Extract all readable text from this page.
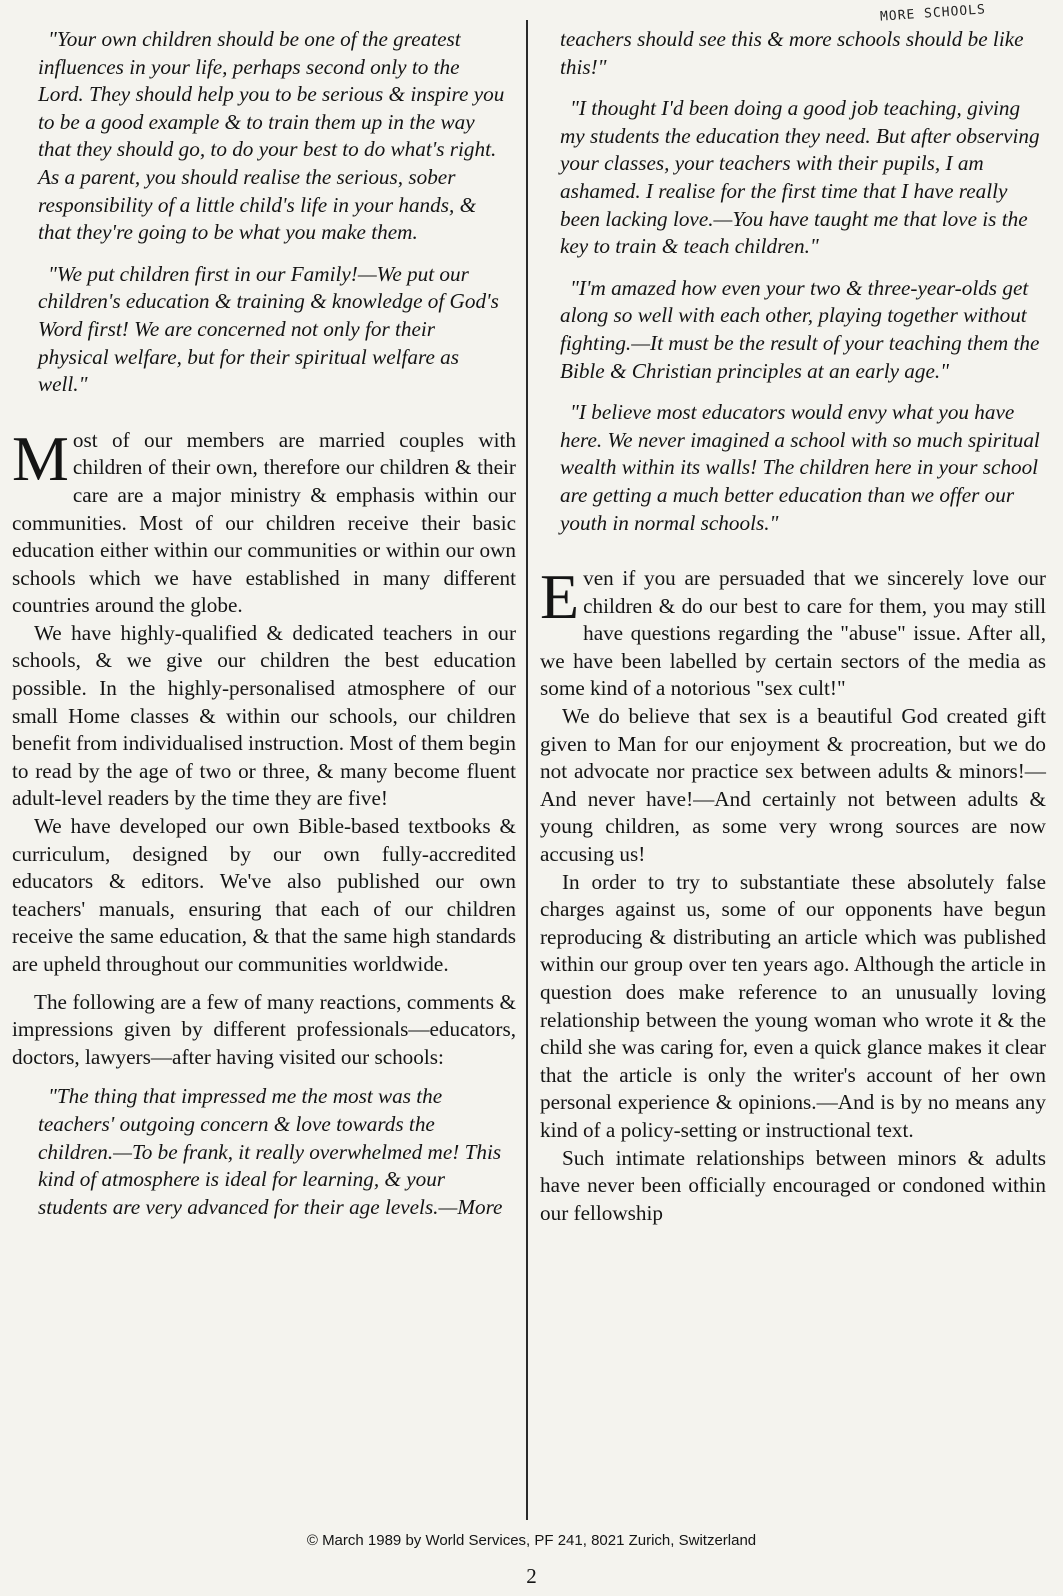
MORE SCHOOLS

"Your own children should be one of the greatest influences in your life, perhaps second only to the Lord. They should help you to be serious & inspire you to be a good example & to train them up in the way that they should go, to do your best to do what's right. As a parent, you should realise the serious, sober responsibility of a little child's life in your hands, & that they're going to be what you make them.

"We put children first in our Family!—We put our children's education & training & knowledge of God's Word first! We are concerned not only for their physical welfare, but for their spiritual welfare as well."

Most of our members are married couples with children of their own, therefore our children & their care are a major ministry & emphasis within our communities. Most of our children receive their basic education either within our communities or within our own schools which we have established in many different countries around the globe.

We have highly-qualified & dedicated teachers in our schools, & we give our children the best education possible. In the highly-personalised atmosphere of our small Home classes & within our schools, our children benefit from individualised instruction. Most of them begin to read by the age of two or three, & many become fluent adult-level readers by the time they are five!

We have developed our own Bible-based textbooks & curriculum, designed by our own fully-accredited educators & editors. We've also published our own teachers' manuals, ensuring that each of our children receive the same education, & that the same high standards are upheld throughout our communities worldwide.

The following are a few of many reactions, comments & impressions given by different professionals—educators, doctors, lawyers—after having visited our schools:

"The thing that impressed me the most was the teachers' outgoing concern & love towards the children.—To be frank, it really overwhelmed me! This kind of atmosphere is ideal for learning, & your students are very advanced for their age levels.—More

teachers should see this & more schools should be like this!"

"I thought I'd been doing a good job teaching, giving my students the education they need. But after observing your classes, your teachers with their pupils, I am ashamed. I realise for the first time that I have really been lacking love.—You have taught me that love is the key to train & teach children."

"I'm amazed how even your two & three-year-olds get along so well with each other, playing together without fighting.—It must be the result of your teaching them the Bible & Christian principles at an early age."

"I believe most educators would envy what you have here. We never imagined a school with so much spiritual wealth within its walls! The children here in your school are getting a much better education than we offer our youth in normal schools."

Even if you are persuaded that we sincerely love our children & do our best to care for them, you may still have questions regarding the "abuse" issue. After all, we have been labelled by certain sectors of the media as some kind of a notorious "sex cult!"

We do believe that sex is a beautiful God created gift given to Man for our enjoyment & procreation, but we do not advocate nor practice sex between adults & minors!—And never have!—And certainly not between adults & young children, as some very wrong sources are now accusing us!

In order to try to substantiate these absolutely false charges against us, some of our opponents have begun reproducing & distributing an article which was published within our group over ten years ago. Although the article in question does make reference to an unusually loving relationship between the young woman who wrote it & the child she was caring for, even a quick glance makes it clear that the article is only the writer's account of her own personal experience & opinions.—And is by no means any kind of a policy-setting or instructional text.

Such intimate relationships between minors & adults have never been officially encouraged or condoned within our fellowship

© March 1989 by World Services, PF 241, 8021 Zurich, Switzerland
2
